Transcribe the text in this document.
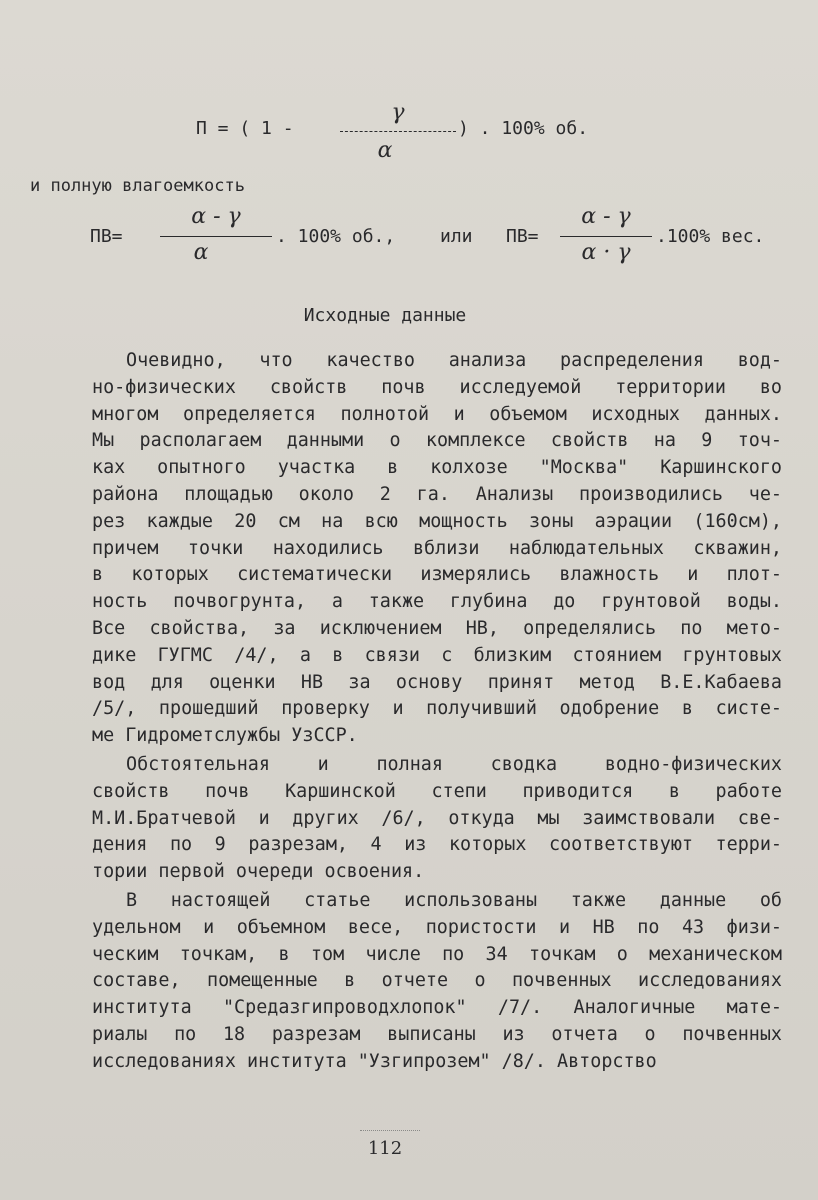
П = ( 1 -
γ
α
) . 100% об.
и полную влагоемкость
ПВ=
α - γ
α
. 100% об., или ПВ=
α - γ
α · γ
.100% вес.
Исходные данные
Очевидно, что качество анализа распределения вод-
но-физических свойств почв исследуемой территории во
многом определяется полнотой и объемом исходных данных.
Мы располагаем данными о комплексе свойств на 9 точ-
ках опытного участка в колхозе "Москва" Каршинского
района площадью около 2 га. Анализы производились че-
рез каждые 20 см на всю мощность зоны аэрации (160см),
причем точки находились вблизи наблюдательных скважин,
в которых систематически измерялись влажность и плот-
ность почвогрунта, а также глубина до грунтовой воды.
Все свойства, за исключением НВ, определялись по мето-
дике ГУГМС /4/, а в связи с близким стоянием грунтовых
вод для оценки НВ за основу принят метод В.Е.Кабаева
/5/, прошедший проверку и получивший одобрение в систе-
ме Гидрометслужбы УзССР.
Обстоятельная и полная сводка водно-физических
свойств почв Каршинской степи приводится в работе
М.И.Братчевой и других /6/, откуда мы заимствовали све-
дения по 9 разрезам, 4 из которых соответствуют терри-
тории первой очереди освоения.
В настоящей статье использованы также данные об
удельном и объемном весе, пористости и НВ по 43 физи-
ческим точкам, в том числе по 34 точкам о механическом
составе, помещенные в отчете о почвенных исследованиях
института "Средазгипроводхлопок" /7/. Аналогичные мате-
риалы по 18 разрезам выписаны из отчета о почвенных
исследованиях института "Узгипрозем" /8/. Авторство
112
